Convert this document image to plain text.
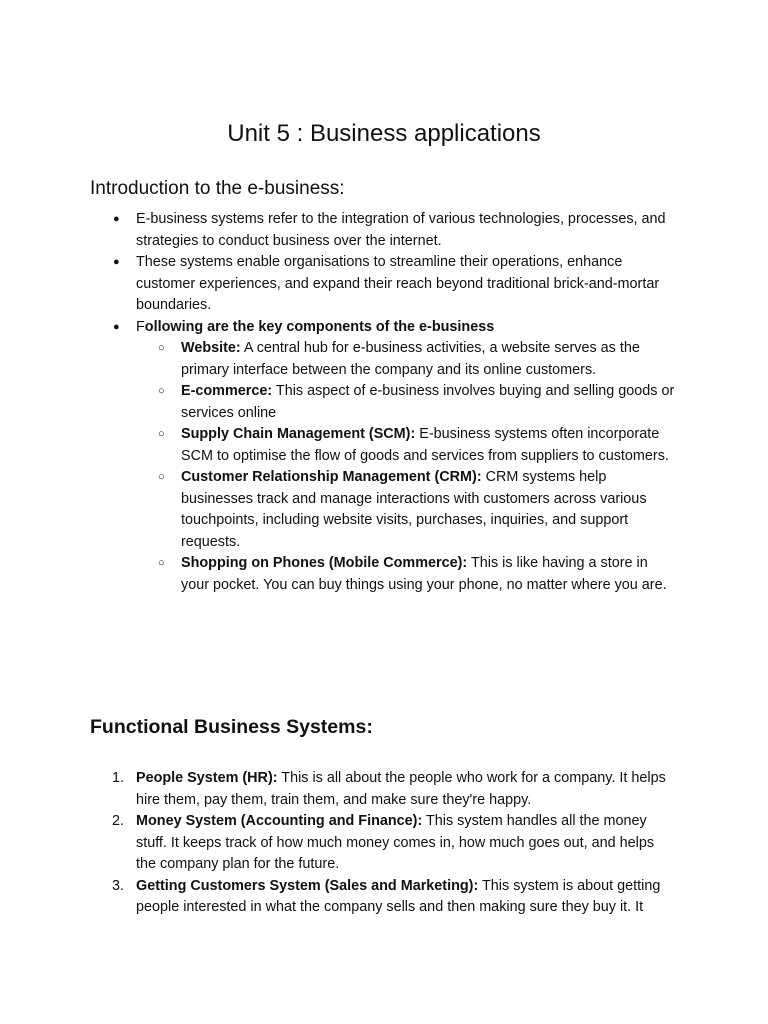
Unit 5 : Business applications
Introduction to the e-business:
● E-business systems refer to the integration of various technologies, processes, and strategies to conduct business over the internet.
● These systems enable organisations to streamline their operations, enhance customer experiences, and expand their reach beyond traditional brick-and-mortar boundaries.
● Following are the key components of the e-business
○ Website: A central hub for e-business activities, a website serves as the primary interface between the company and its online customers.
○ E-commerce: This aspect of e-business involves buying and selling goods or services online
○ Supply Chain Management (SCM): E-business systems often incorporate SCM to optimise the flow of goods and services from suppliers to customers.
○ Customer Relationship Management (CRM): CRM systems help businesses track and manage interactions with customers across various touchpoints, including website visits, purchases, inquiries, and support requests.
○ Shopping on Phones (Mobile Commerce): This is like having a store in your pocket. You can buy things using your phone, no matter where you are.
Functional Business Systems:
1. People System (HR): This is all about the people who work for a company. It helps hire them, pay them, train them, and make sure they're happy.
2. Money System (Accounting and Finance): This system handles all the money stuff. It keeps track of how much money comes in, how much goes out, and helps the company plan for the future.
3. Getting Customers System (Sales and Marketing): This system is about getting people interested in what the company sells and then making sure they buy it. It
